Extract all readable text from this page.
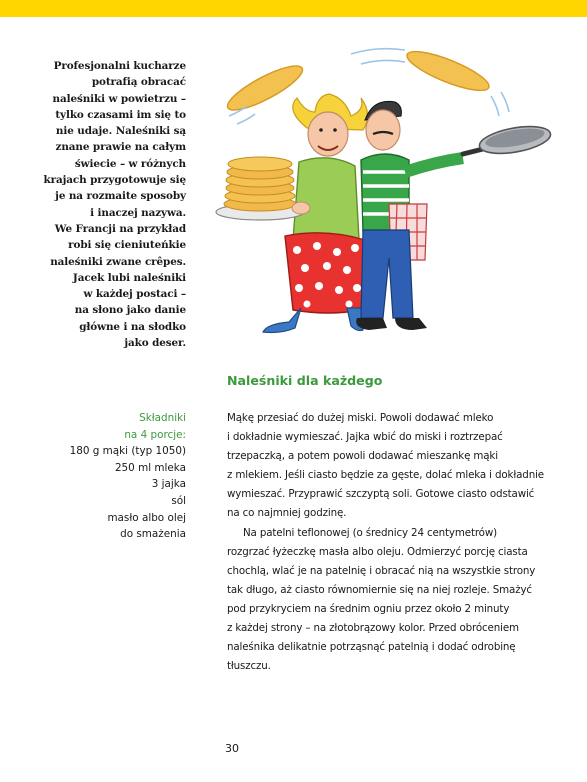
Profesjonalni kucharze
potrafią obracać
naleśniki w powietrzu –
tylko czasami im się to
nie udaje. Naleśniki są
znane prawie na całym
świecie – w różnych
krajach przygotowuje się
je na rozmaite sposoby
i inaczej nazywa.
We Francji na przykład
robi się cieniuteńkie
naleśniki zwane crêpes.
Jacek lubi naleśniki
w każdej postaci –
na słono jako danie
główne i na słodko
jako deser.
Naleśniki dla każdego
Składniki
na 4 porcje:
180 g mąki (typ 1050)
250 ml mleka
3 jajka
sól
masło albo olej
do smażenia
Mąkę przesiać do dużej miski. Powoli dodawać mleko
i dokładnie wymieszać. Jajka wbić do miski i roztrzepać
trzepaczką, a potem powoli dodawać mieszankę mąki
z mlekiem. Jeśli ciasto będzie za gęste, dolać mleka i dokładnie
wymieszać. Przyprawić szczyptą soli. Gotowe ciasto odstawić
na co najmniej godzinę.
Na patelni teflonowej (o średnicy 24 centymetrów)
rozgrzać łyżeczkę masła albo oleju. Odmierzyć porcję ciasta
chochlą, wlać je na patelnię i obracać nią na wszystkie strony
tak długo, aż ciasto równomiernie się na niej rozleje. Smażyć
pod przykryciem na średnim ogniu przez około 2 minuty
z każdej strony – na złotobrązowy kolor. Przed obróceniem
naleśnika delikatnie potrząsnąć patelnią i dodać odrobinę
tłuszczu.
30
